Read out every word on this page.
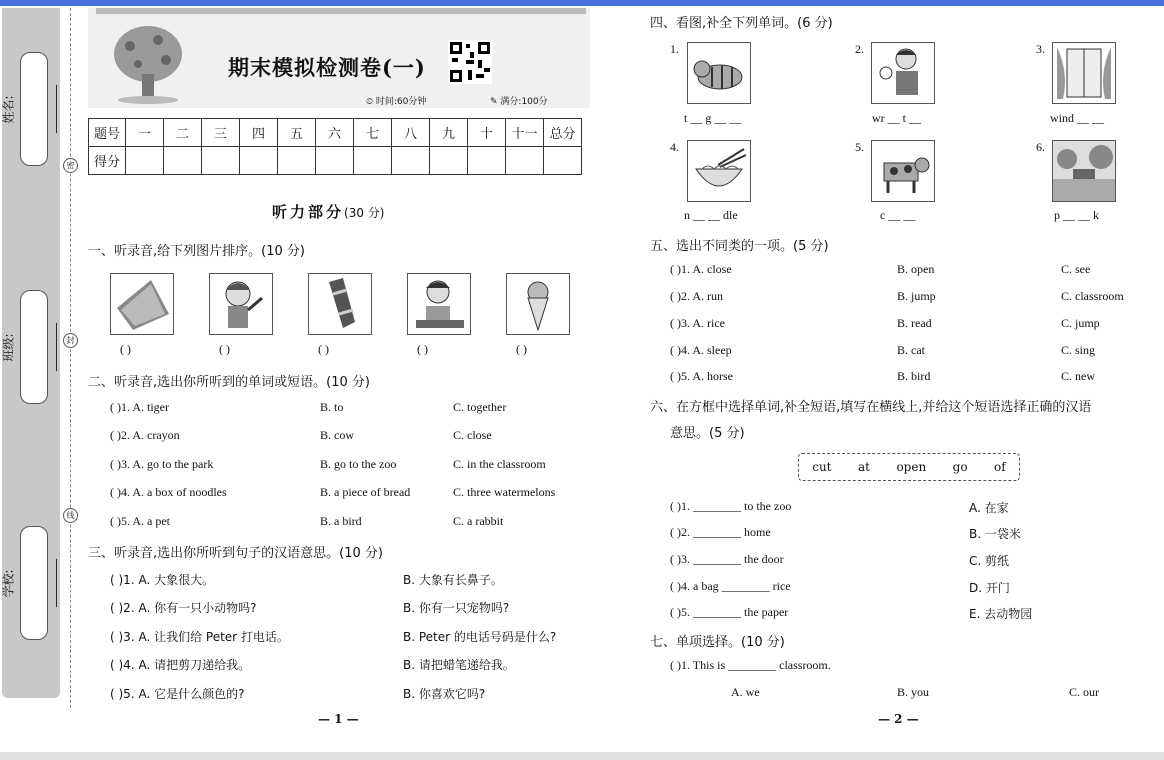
姓名: ________
班级: ________
学校: ________
密
封
线
期末模拟检测卷(一)
⏲ 时间:60分钟	✎ 满分:100分
题号	一	二	三	四	五	六	七	八	九	十	十一	总分
得分												
听力部分(30 分)
一、听录音,给下列图片排序。(10 分)
( )	( )	( )	( )	( )
二、听录音,选出你所听到的单词或短语。(10 分)
( )1. A. tiger	B. to	C. together
( )2. A. crayon	B. cow	C. close
( )3. A. go to the park	B. go to the zoo	C. in the classroom
( )4. A. a box of noodles	B. a piece of bread	C. three watermelons
( )5. A. a pet	B. a bird	C. a rabbit
三、听录音,选出你所听到句子的汉语意思。(10 分)
( )1. A. 大象很大。	B. 大象有长鼻子。
( )2. A. 你有一只小动物吗?	B. 你有一只宠物吗?
( )3. A. 让我们给 Peter 打电话。	B. Peter 的电话号码是什么?
( )4. A. 请把剪刀递给我。	B. 请把蜡笔递给我。
( )5. A. 它是什么颜色的?	B. 你喜欢它吗?
— 1 —
四、看图,补全下列单词。(6 分)
1.
t __ g __ __
2.
wr __ t __
3.
wind __ __
4.
n __ __ dle
5.
c __ __
6.
p __ __ k
五、选出不同类的一项。(5 分)
( )1. A. close	B. open	C. see
( )2. A. run	B. jump	C. classroom
( )3. A. rice	B. read	C. jump
( )4. A. sleep	B. cat	C. sing
( )5. A. horse	B. bird	C. new
六、在方框中选择单词,补全短语,填写在横线上,并给这个短语选择正确的汉语
意思。(5 分)
cut at open go of
( )1. ________ to the zoo	A. 在家
( )2. ________ home	B. 一袋米
( )3. ________ the door	C. 剪纸
( )4. a bag ________ rice	D. 开门
( )5. ________ the paper	E. 去动物园
七、单项选择。(10 分)
( )1. This is ________ classroom.
A. we	B. you	C. our
— 2 —
